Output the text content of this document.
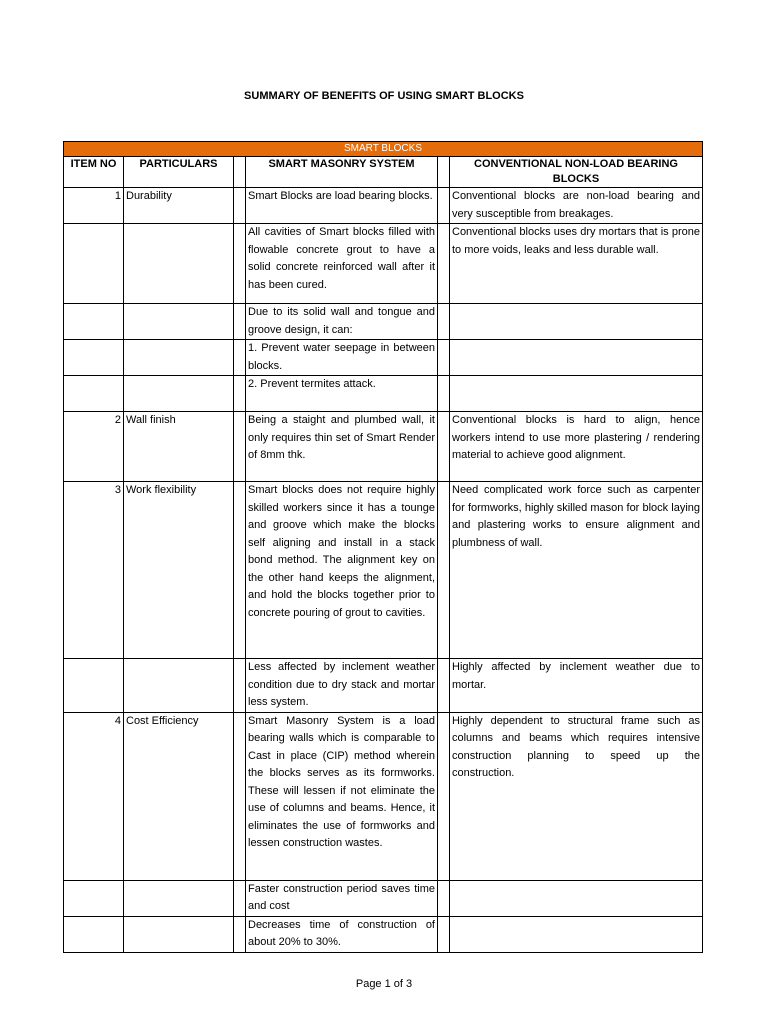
SUMMARY OF BENEFITS OF USING SMART BLOCKS
SMART BLOCKS					
ITEM NO	PARTICULARS		SMART MASONRY SYSTEM		CONVENTIONAL NON-LOAD BEARING BLOCKS
1	Durability		Smart Blocks are load bearing blocks.		Conventional blocks are non-load bearing and very susceptible from breakages.
			All cavities of Smart blocks filled with flowable concrete grout to have a solid concrete reinforced wall after it has been cured.		Conventional blocks uses dry mortars that is prone to more voids, leaks and less durable wall.
			Due to its solid wall and tongue and groove design, it can:		
			1. Prevent water seepage in between blocks.		
			2. Prevent termites attack.		
2	Wall finish		Being a staight and plumbed wall, it only requires thin set of Smart Render of 8mm thk.		Conventional blocks is hard to align, hence workers intend to use more plastering / rendering material to achieve good alignment.
3	Work flexibility		Smart blocks does not require highly skilled workers since it has a tounge and groove which make the blocks self aligning and install in a stack bond method. The alignment key on the other hand keeps the alignment, and hold the blocks together prior to concrete pouring of grout to cavities.		Need complicated work force such as carpenter for formworks, highly skilled mason for block laying and plastering works to ensure alignment and plumbness of wall.
			Less affected by inclement weather condition due to dry stack and mortar less system.		Highly affected by inclement weather due to mortar.
4	Cost Efficiency		Smart Masonry System is a load bearing walls which is comparable to Cast in place (CIP) method wherein the blocks serves as its formworks. These will lessen if not eliminate the use of columns and beams. Hence, it eliminates the use of formworks and lessen construction wastes.		Highly dependent to structural frame such as columns and beams which requires intensive construction planning to speed up the construction.
			Faster construction period saves time and cost		
			Decreases time of construction of about 20% to 30%.		
Page 1 of 3
